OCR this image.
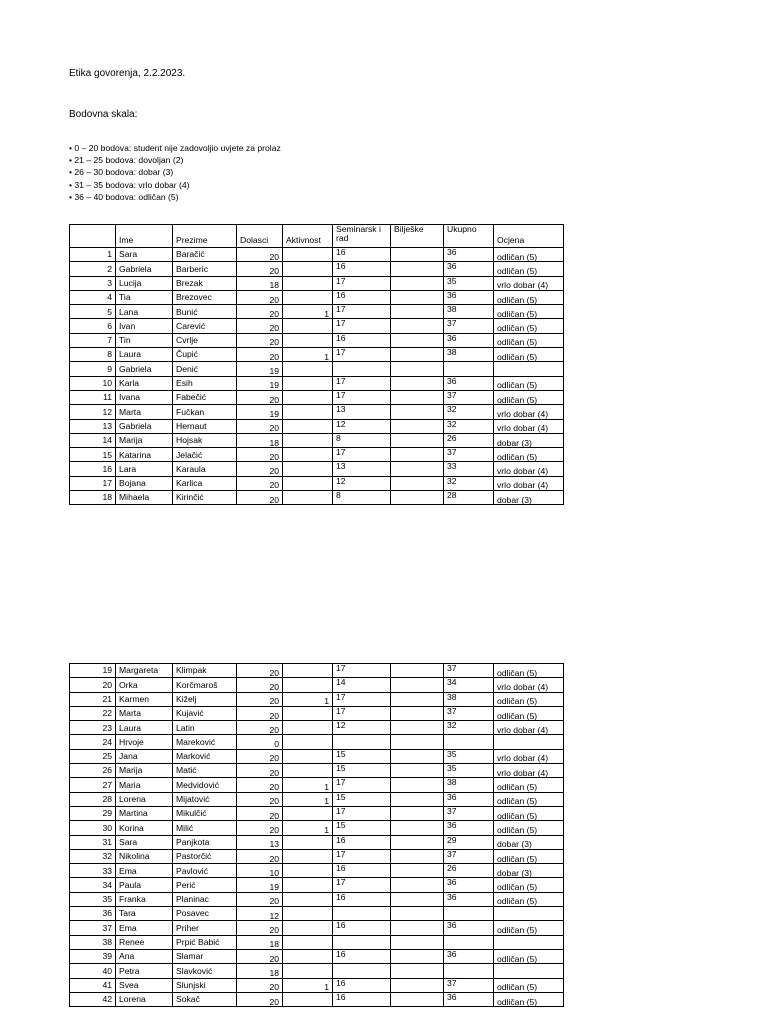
Etika govorenja, 2.2.2023.
Bodovna skala:
• 0 – 20 bodova: student nije zadovoljio uvjete za prolaz
• 21 – 25 bodova: dovoljan (2)
• 26 – 30 bodova: dobar (3)
• 31 – 35 bodova: vrlo dobar (4)
• 36 – 40 bodova: odličan (5)
	Ime	Prezime	Dolasci	Aktivnost	Seminarsk i rad	Bilješke	Ukupno	Ocjena
1	Sara	Baračić	20		16		36	odličan (5)
2	Gabriela	Barberic	20		16		36	odličan (5)
3	Lucija	Brezak	18		17		35	vrlo dobar (4)
4	Tia	Brezovec	20		16		36	odličan (5)
5	Lana	Bunić	20	1	17		38	odličan (5)
6	Ivan	Carević	20		17		37	odličan (5)
7	Tin	Cvrlje	20		16		36	odličan (5)
8	Laura	Čupić	20	1	17		38	odličan (5)
9	Gabriela	Denić	19					
10	Karla	Esih	19		17		36	odličan (5)
11	Ivana	Fabečić	20		17		37	odličan (5)
12	Marta	Fučkan	19		13		32	vrlo dobar (4)
13	Gabriela	Hernaut	20		12		32	vrlo dobar (4)
14	Marija	Hojsak	18		8		26	dobar (3)
15	Katarina	Jelačić	20		17		37	odličan (5)
16	Lara	Karaula	20		13		33	vrlo dobar (4)
17	Bojana	Karlica	20		12		32	vrlo dobar (4)
18	Mihaela	Kirinčić	20		8		28	dobar (3)
19	Margareta	Klimpak	20		17		37	odličan (5)
20	Orka	Korčmaroš	20		14		34	vrlo dobar (4)
21	Karmen	Kiželj	20	1	17		38	odličan (5)
22	Marta	Kujavić	20		17		37	odličan (5)
23	Laura	Latin	20		12		32	vrlo dobar (4)
24	Hrvoje	Mareković	0					
25	Jana	Marković	20		15		35	vrlo dobar (4)
26	Marija	Matić	20		15		35	vrlo dobar (4)
27	Maria	Medvidović	20	1	17		38	odličan (5)
28	Lorena	Mijatović	20	1	15		36	odličan (5)
29	Martina	Mikulčić	20		17		37	odličan (5)
30	Korina	Milić	20	1	15		36	odličan (5)
31	Sara	Panjkota	13		16		29	dobar (3)
32	Nikolina	Pastorčić	20		17		37	odličan (5)
33	Ema	Pavlović	10		16		26	dobar (3)
34	Paula	Perić	19		17		36	odličan (5)
35	Franka	Planinac	20		16		36	odličan (5)
36	Tara	Posavec	12					
37	Ema	Priher	20		16		36	odličan (5)
38	Renee	Prpić Babić	18					
39	Ana	Slamar	20		16		36	odličan (5)
40	Petra	Slavković	18					
41	Svea	Slunjski	20	1	16		37	odličan (5)
42	Lorena	Sokač	20		16		36	odličan (5)
